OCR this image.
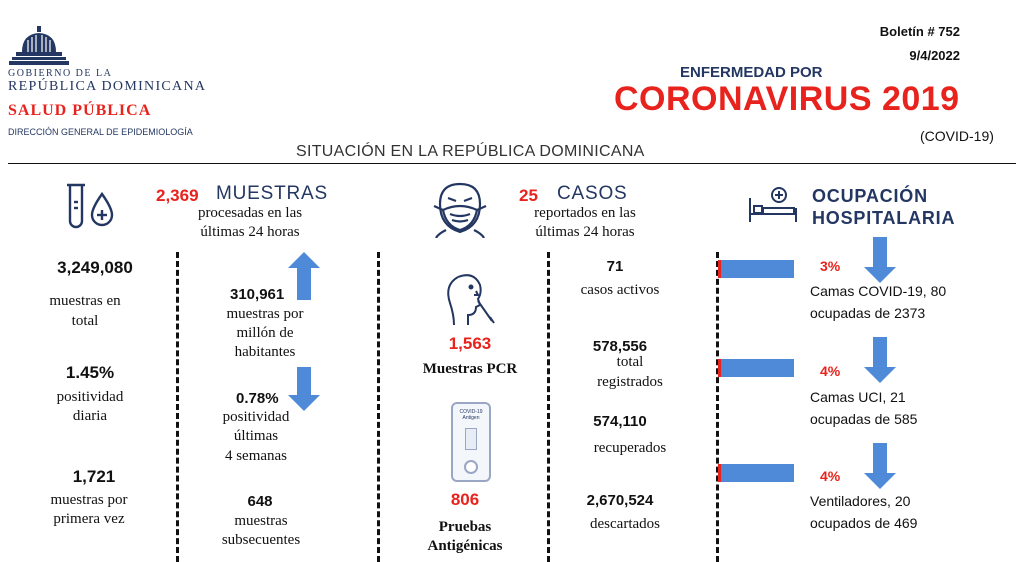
GOBIERNO DE LA
REPÚBLICA DOMINICANA
SALUD PÚBLICA
DIRECCIÓN GENERAL DE EPIDEMIOLOGÍA
Boletín # 752
9/4/2022
ENFERMEDAD POR
CORONAVIRUS 2019
(COVID-19)
SITUACIÓN EN LA REPÚBLICA DOMINICANA
2,369 MUESTRAS
procesadas en las
últimas 24 horas
3,249,080
muestras en
total
1.45%
positividad
diaria
1,721
muestras por
primera vez
310,961
muestras por
millón de
habitantes
0.78%
positividad
últimas
4 semanas
648
muestras
subsecuentes
1,563
Muestras PCR
COVID-19
Antigen
806
Pruebas
Antigénicas
25 CASOS
reportados en las
últimas 24 horas
71
casos activos
578,556
total
registrados
574,110
recuperados
2,670,524
descartados
OCUPACIÓN
HOSPITALARIA
3%
Camas COVID-19, 80
ocupadas de 2373
4%
Camas UCI, 21
ocupadas de 585
4%
Ventiladores, 20
ocupados de 469
